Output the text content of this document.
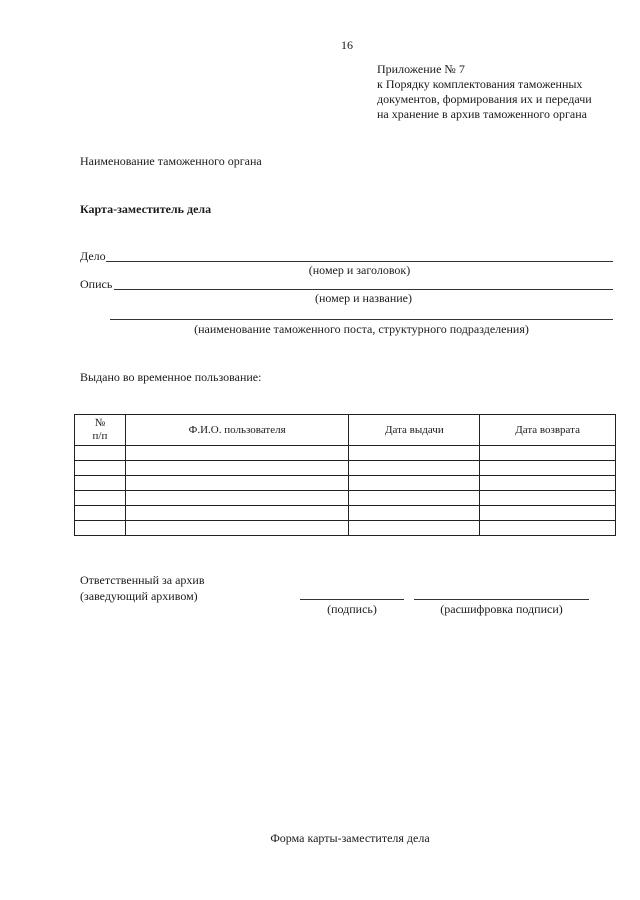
16
Приложение № 7
к Порядку комплектования таможенных
документов, формирования их и передачи
на хранение в архив таможенного органа
Наименование таможенного органа
Карта-заместитель дела
Дело
(номер и заголовок)
Опись
(номер и название)
(наименование таможенного поста, структурного подразделения)
Выдано во временное пользование:
№
п/п	Ф.И.О. пользователя	Дата выдачи	Дата возврата

Ответственный за архив
(заведующий архивом)
(подпись)	(расшифровка подписи)
Форма карты-заместителя дела
